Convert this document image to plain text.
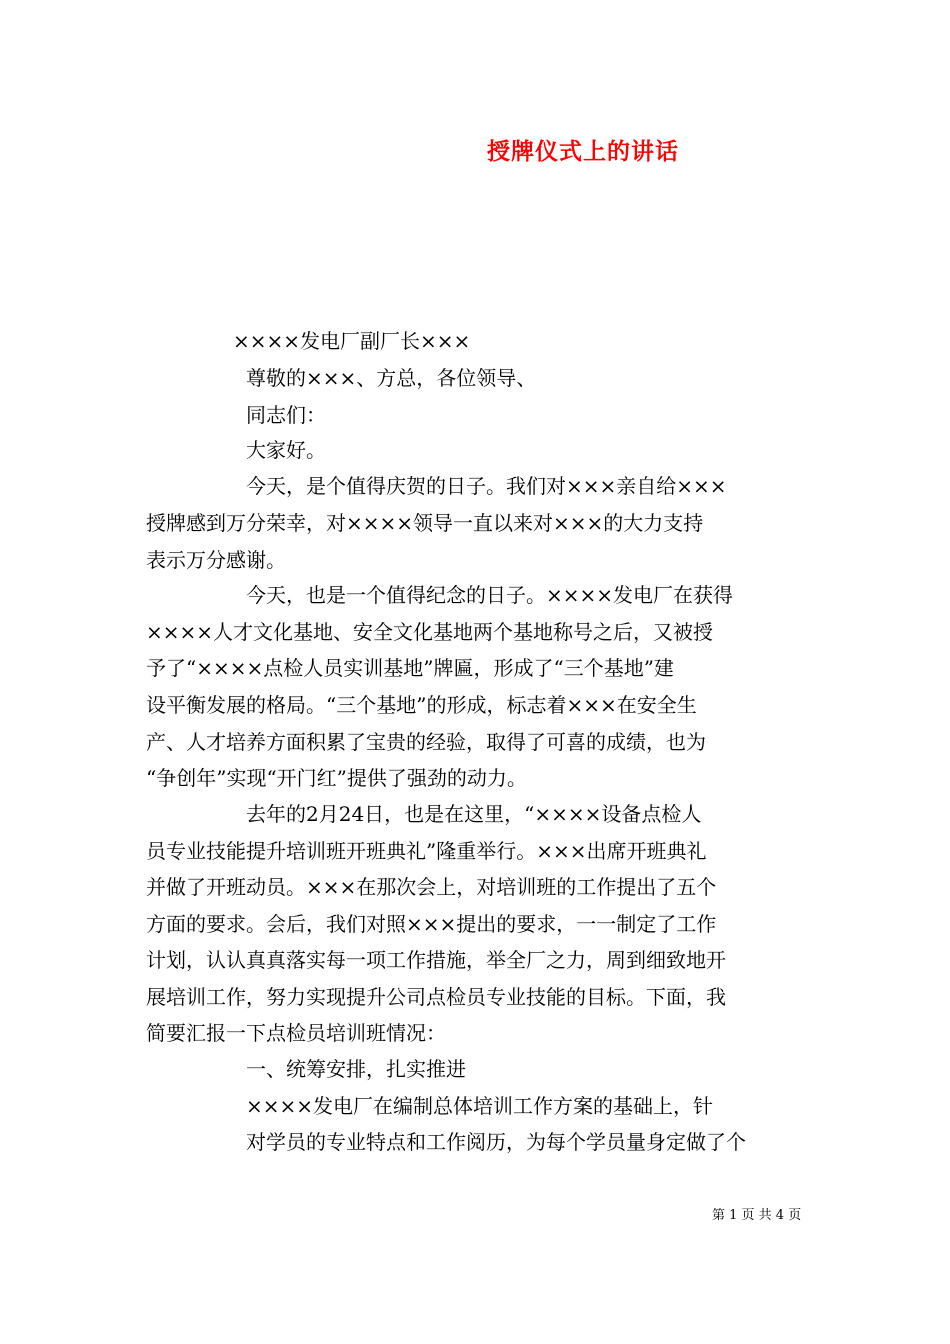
授牌仪式上的讲话
××××发电厂副厂长×××
尊敬的×××、方总，各位领导、
同志们：
大家好。
今天，是个值得庆贺的日子。我们对×××亲自给×××
授牌感到万分荣幸，对××××领导一直以来对×××的大力支持
表示万分感谢。
今天，也是一个值得纪念的日子。××××发电厂在获得
××××人才文化基地、安全文化基地两个基地称号之后，又被授
予了“××××点检人员实训基地”牌匾，形成了“三个基地”建
设平衡发展的格局。“三个基地”的形成，标志着×××在安全生
产、人才培养方面积累了宝贵的经验，取得了可喜的成绩，也为
“争创年”实现“开门红”提供了强劲的动力。
去年的2月24日，也是在这里，“××××设备点检人
员专业技能提升培训班开班典礼”隆重举行。×××出席开班典礼
并做了开班动员。×××在那次会上，对培训班的工作提出了五个
方面的要求。会后，我们对照×××提出的要求，一一制定了工作
计划，认认真真落实每一项工作措施，举全厂之力，周到细致地开
展培训工作，努力实现提升公司点检员专业技能的目标。下面，我
简要汇报一下点检员培训班情况：
一、统筹安排，扎实推进
××××发电厂在编制总体培训工作方案的基础上，针
对学员的专业特点和工作阅历，为每个学员量身定做了个
第 1 页 共 4 页
